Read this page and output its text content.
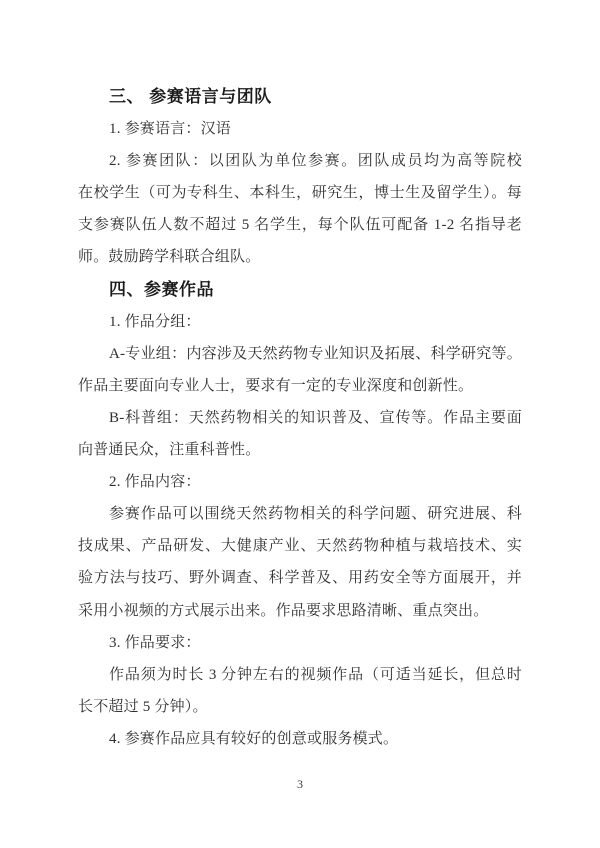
三、 参赛语言与团队
1. 参赛语言：汉语
2. 参赛团队：以团队为单位参赛。团队成员均为高等院校
在校学生（可为专科生、本科生，研究生，博士生及留学生）。每
支参赛队伍人数不超过 5 名学生，每个队伍可配备 1-2 名指导老
师。鼓励跨学科联合组队。
四、参赛作品
1. 作品分组：
A-专业组：内容涉及天然药物专业知识及拓展、科学研究等。
作品主要面向专业人士，要求有一定的专业深度和创新性。
B-科普组：天然药物相关的知识普及、宣传等。作品主要面
向普通民众，注重科普性。
2. 作品内容：
参赛作品可以围绕天然药物相关的科学问题、研究进展、科
技成果、产品研发、大健康产业、天然药物种植与栽培技术、实
验方法与技巧、野外调查、科学普及、用药安全等方面展开，并
采用小视频的方式展示出来。作品要求思路清晰、重点突出。
3. 作品要求：
作品须为时长 3 分钟左右的视频作品（可适当延长，但总时
长不超过 5 分钟）。
4. 参赛作品应具有较好的创意或服务模式。
3
